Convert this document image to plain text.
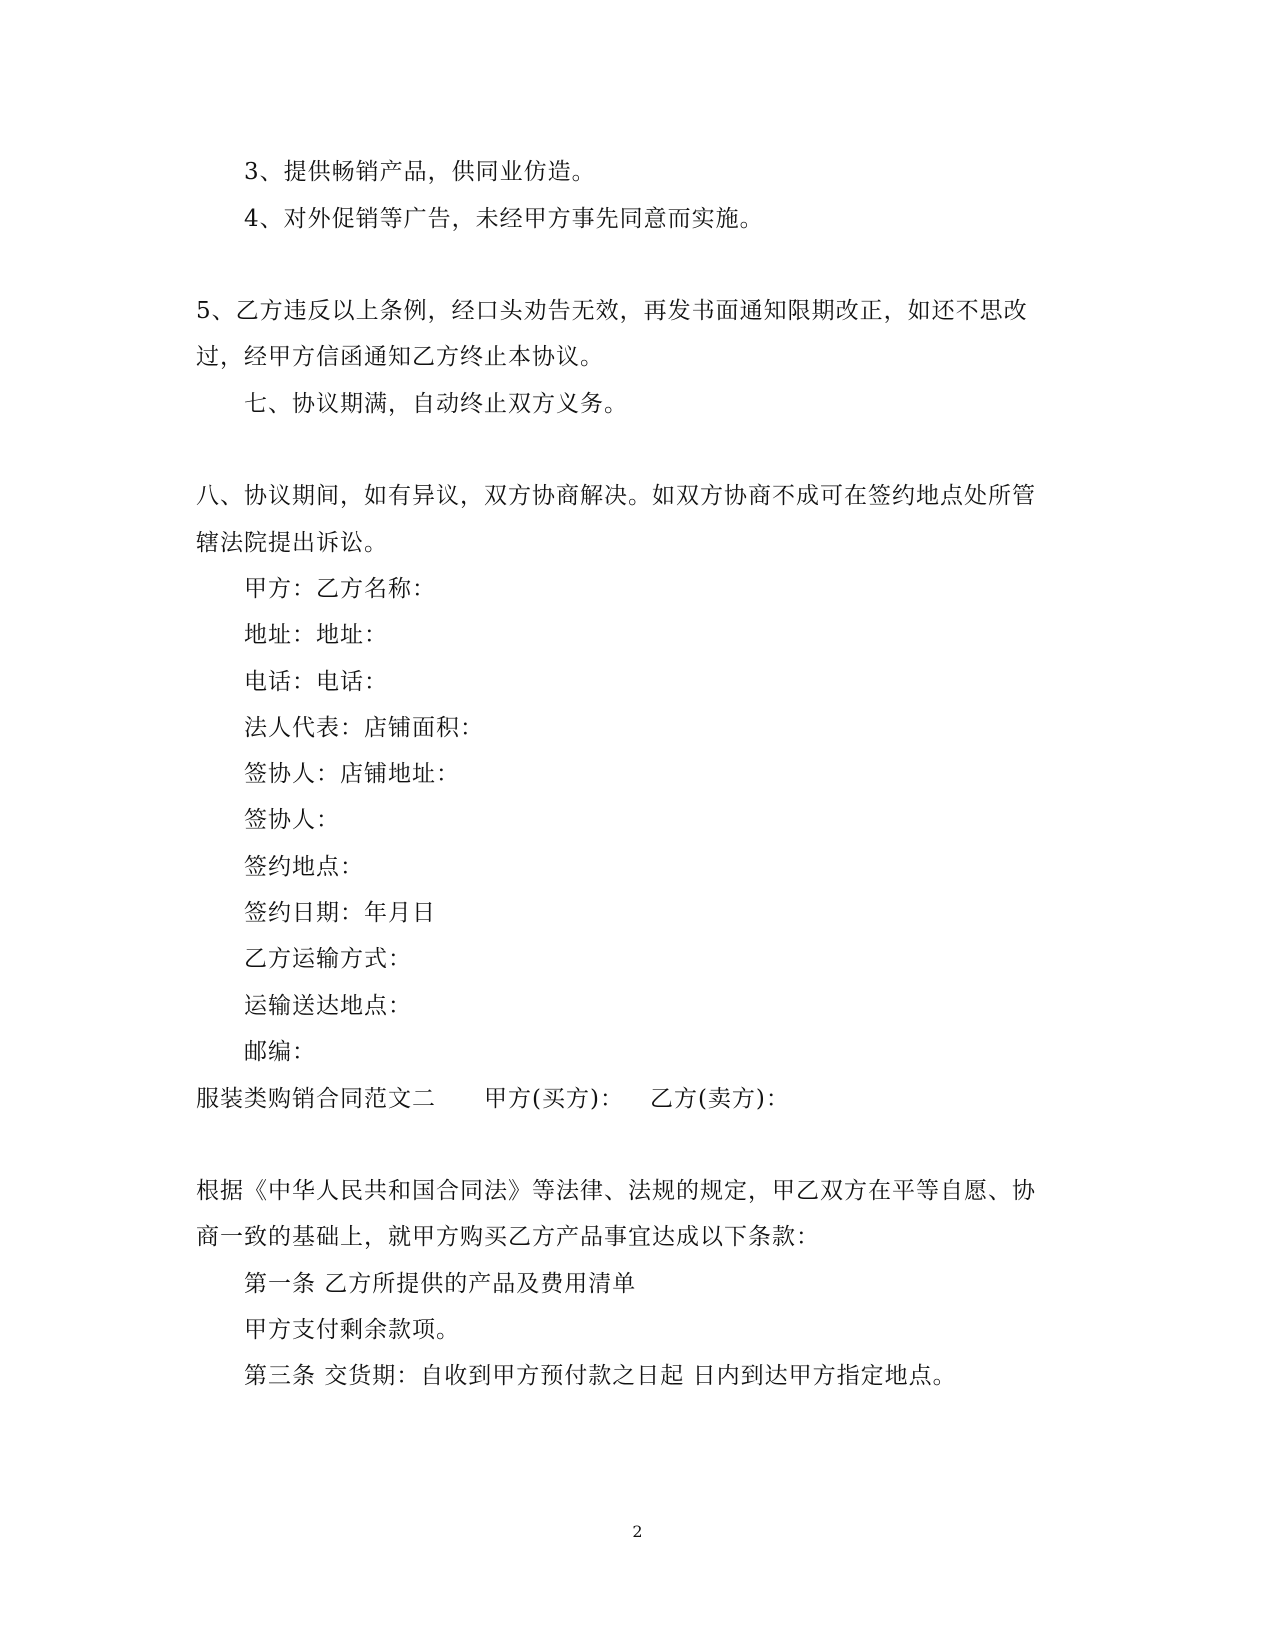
3、提供畅销产品，供同业仿造。
4、对外促销等广告，未经甲方事先同意而实施。
5、乙方违反以上条例，经口头劝告无效，再发书面通知限期改正，如还不思改
过，经甲方信函通知乙方终止本协议。
七、协议期满，自动终止双方义务。
八、协议期间，如有异议，双方协商解决。如双方协商不成可在签约地点处所管
辖法院提出诉讼。
甲方：乙方名称：
地址：地址：
电话：电话：
法人代表：店铺面积：
签协人：店铺地址：
签协人：
签约地点：
签约日期：年月日
乙方运输方式：
运输送达地点：
邮编：
服装类购销合同范文二 甲方(买方)： 乙方(卖方)：
根据《中华人民共和国合同法》等法律、法规的规定，甲乙双方在平等自愿、协
商一致的基础上，就甲方购买乙方产品事宜达成以下条款：
第一条 乙方所提供的产品及费用清单
甲方支付剩余款项。
第三条 交货期：自收到甲方预付款之日起 日内到达甲方指定地点。
2
